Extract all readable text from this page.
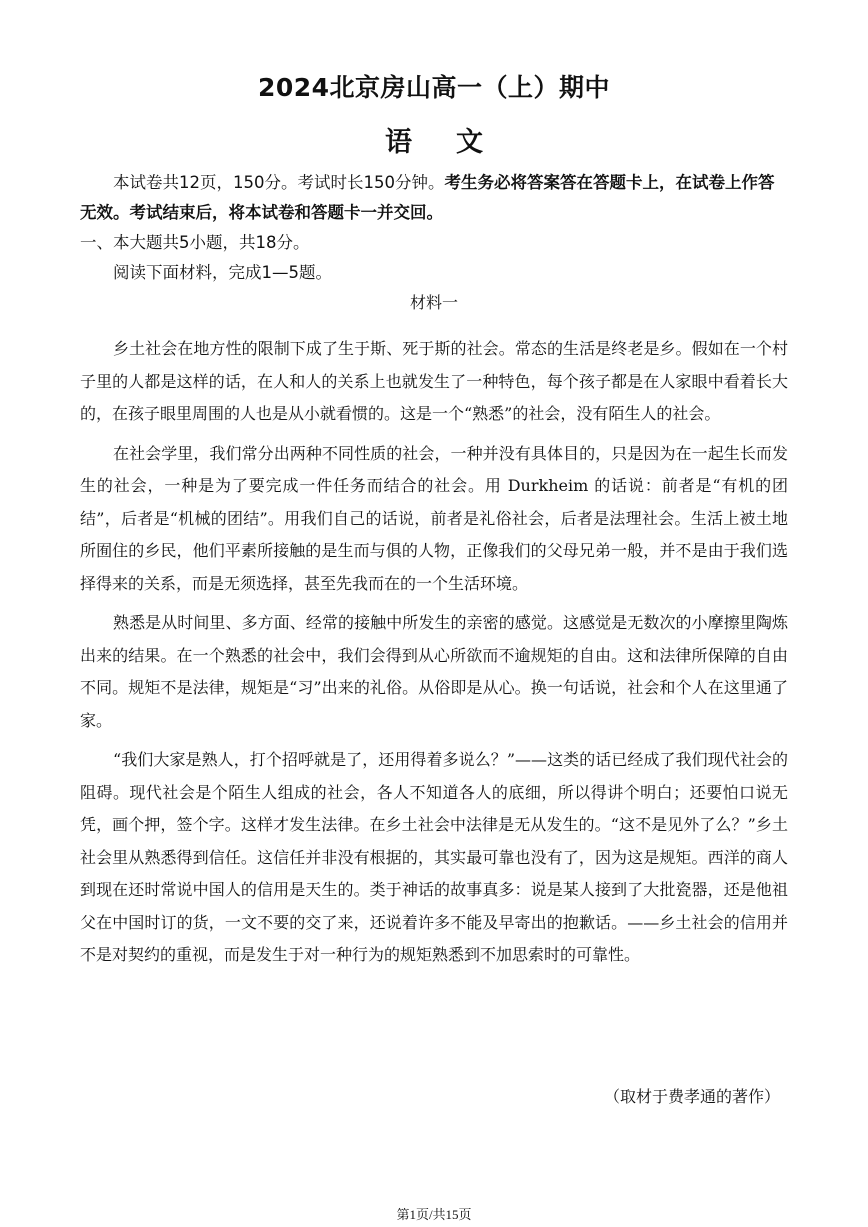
2024北京房山高一（上）期中
语文

本试卷共12页，150分。考试时长150分钟。考生务必将答案答在答题卡上，在试卷上作答无效。考试结束后，将本试卷和答题卡一并交回。

一、本大题共5小题，共18分。

阅读下面材料，完成1—5题。

材料一

乡土社会在地方性的限制下成了生于斯、死于斯的社会。常态的生活是终老是乡。假如在一个村子里的人都是这样的话，在人和人的关系上也就发生了一种特色，每个孩子都是在人家眼中看着长大的，在孩子眼里周围的人也是从小就看惯的。这是一个“熟悉”的社会，没有陌生人的社会。

在社会学里，我们常分出两种不同性质的社会，一种并没有具体目的，只是因为在一起生长而发生的社会，一种是为了要完成一件任务而结合的社会。用 Durkheim 的话说：前者是“有机的团结”，后者是“机械的团结”。用我们自己的话说，前者是礼俗社会，后者是法理社会。生活上被土地所囿住的乡民，他们平素所接触的是生而与俱的人物，正像我们的父母兄弟一般，并不是由于我们选择得来的关系，而是无须选择，甚至先我而在的一个生活环境。

熟悉是从时间里、多方面、经常的接触中所发生的亲密的感觉。这感觉是无数次的小摩擦里陶炼出来的结果。在一个熟悉的社会中，我们会得到从心所欲而不逾规矩的自由。这和法律所保障的自由不同。规矩不是法律，规矩是“习”出来的礼俗。从俗即是从心。换一句话说，社会和个人在这里通了家。

“我们大家是熟人，打个招呼就是了，还用得着多说么？”——这类的话已经成了我们现代社会的阻碍。现代社会是个陌生人组成的社会，各人不知道各人的底细，所以得讲个明白；还要怕口说无凭，画个押，签个字。这样才发生法律。在乡土社会中法律是无从发生的。“这不是见外了么？”乡土社会里从熟悉得到信任。这信任并非没有根据的，其实最可靠也没有了，因为这是规矩。西洋的商人到现在还时常说中国人的信用是天生的。类于神话的故事真多：说是某人接到了大批瓷器，还是他祖父在中国时订的货，一文不要的交了来，还说着许多不能及早寄出的抱歉话。——乡土社会的信用并不是对契约的重视，而是发生于对一种行为的规矩熟悉到不加思索时的可靠性。

（取材于费孝通的著作）
第1页/共15页
